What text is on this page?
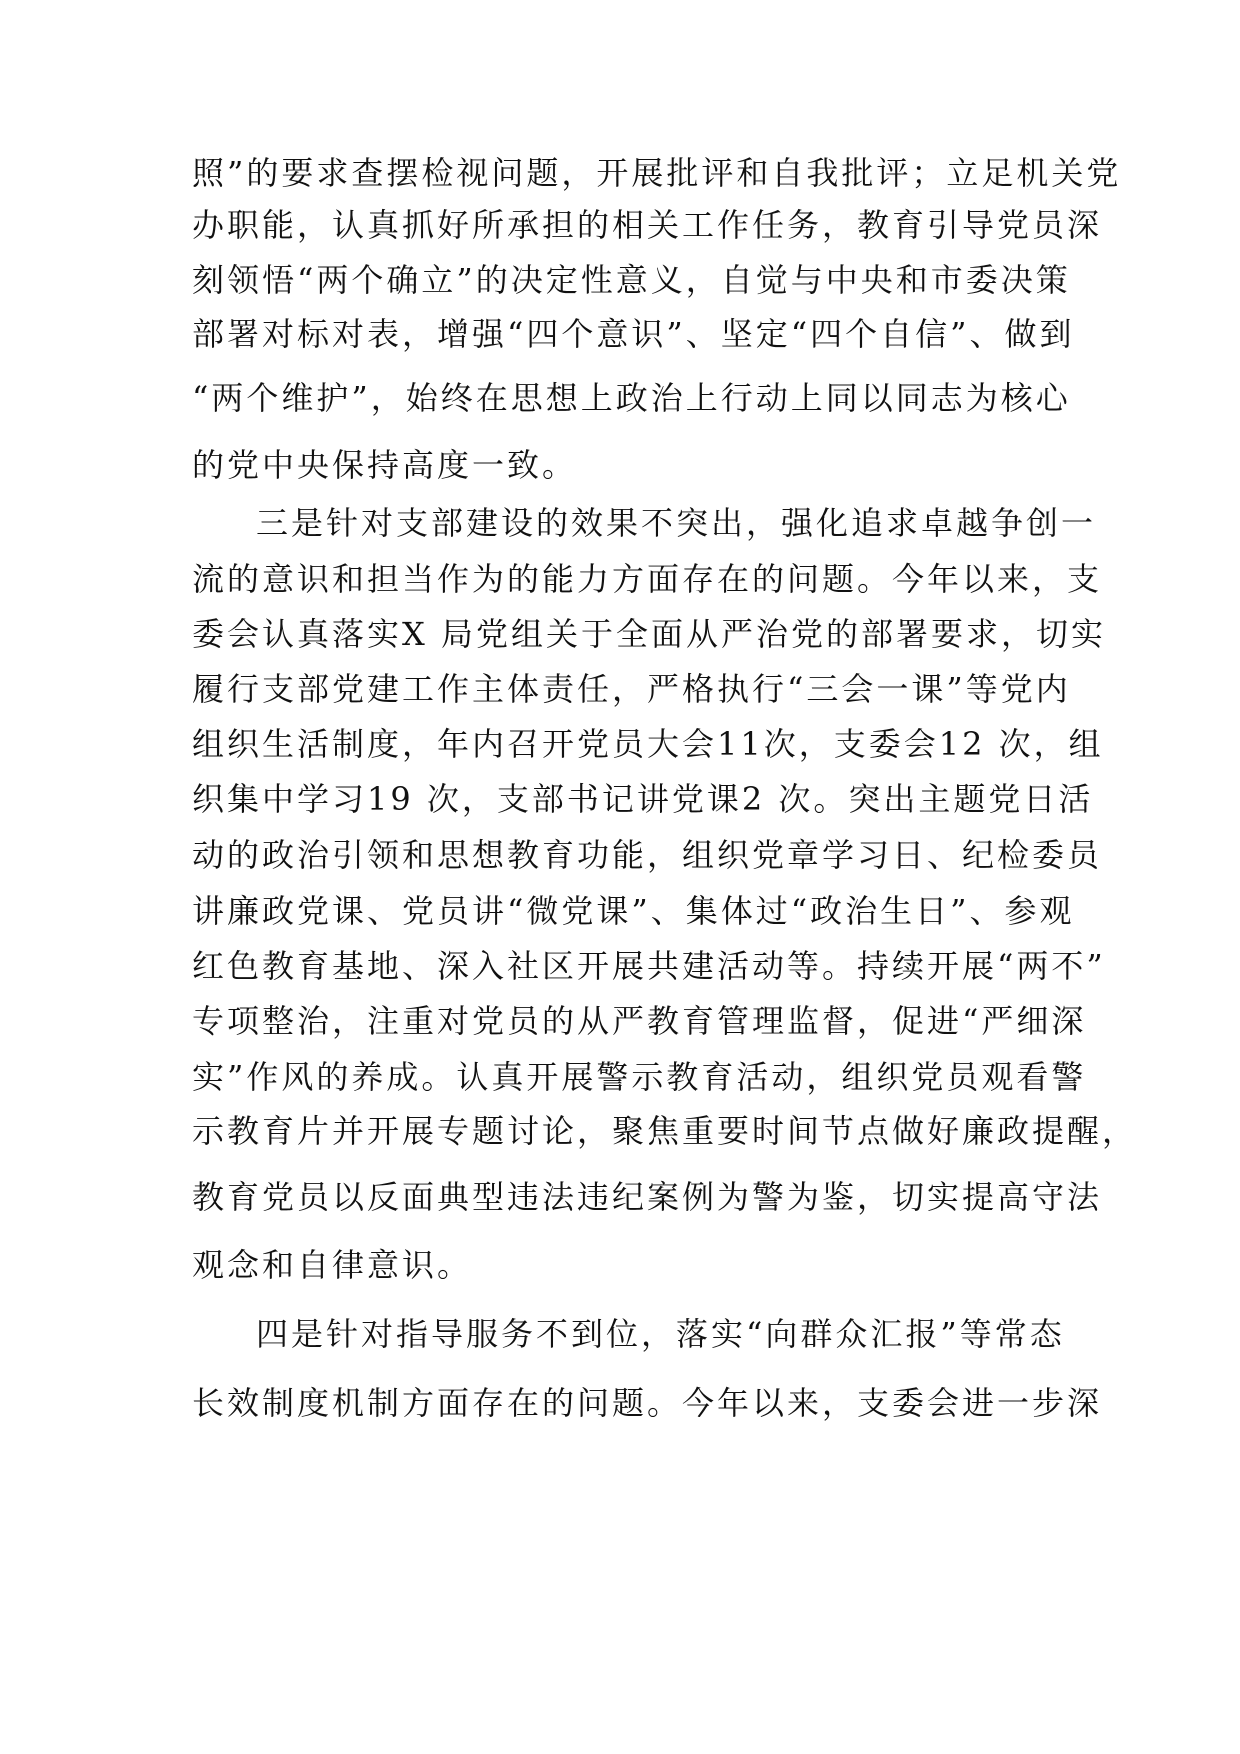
照”的要求查摆检视问题，开展批评和自我批评；立足机关党
办职能，认真抓好所承担的相关工作任务，教育引导党员深
刻领悟“两个确立”的决定性意义，自觉与中央和市委决策
部署对标对表，增强“四个意识”、坚定“四个自信”、做到
“两个维护”，始终在思想上政治上行动上同以同志为核心
的党中央保持高度一致。
三是针对支部建设的效果不突出，强化追求卓越争创一
流的意识和担当作为的能力方面存在的问题。今年以来，支
委会认真落实X 局党组关于全面从严治党的部署要求，切实
履行支部党建工作主体责任，严格执行“三会一课”等党内
组织生活制度，年内召开党员大会11次，支委会12 次，组
织集中学习19 次，支部书记讲党课2 次。突出主题党日活
动的政治引领和思想教育功能，组织党章学习日、纪检委员
讲廉政党课、党员讲“微党课”、集体过“政治生日”、参观
红色教育基地、深入社区开展共建活动等。持续开展“两不”
专项整治，注重对党员的从严教育管理监督，促进“严细深
实”作风的养成。认真开展警示教育活动，组织党员观看警
示教育片并开展专题讨论，聚焦重要时间节点做好廉政提醒，
教育党员以反面典型违法违纪案例为警为鉴，切实提高守法
观念和自律意识。
四是针对指导服务不到位，落实“向群众汇报”等常态
长效制度机制方面存在的问题。今年以来，支委会进一步深
